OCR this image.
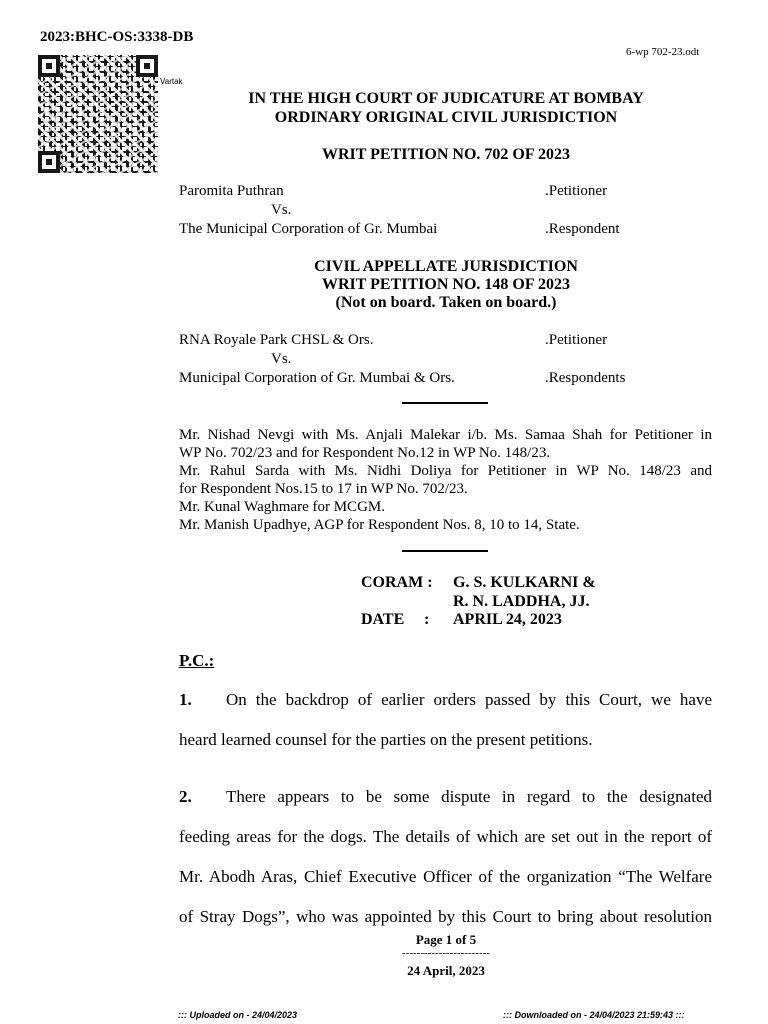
2023:BHC-OS:3338-DB
6-wp 702-23.odt
Vartak
IN THE HIGH COURT OF JUDICATURE AT BOMBAY
ORDINARY ORIGINAL CIVIL JURISDICTION
WRIT PETITION NO. 702 OF 2023
Paromita Puthran	.Petitioner
Vs.
The Municipal Corporation of Gr. Mumbai	.Respondent
CIVIL APPELLATE JURISDICTION
WRIT PETITION NO. 148 OF 2023
(Not on board. Taken on board.)
RNA Royale Park CHSL & Ors.	.Petitioner
Vs.
Municipal Corporation of Gr. Mumbai & Ors.	.Respondents
Mr. Nishad Nevgi with Ms. Anjali Malekar i/b. Ms. Samaa Shah for Petitioner in
WP No. 702/23 and for Respondent No.12 in WP No. 148/23.
Mr. Rahul Sarda with Ms. Nidhi Doliya for Petitioner in WP No. 148/23 and
for Respondent Nos.15 to 17 in WP No. 702/23.
Mr. Kunal Waghmare for MCGM.
Mr. Manish Upadhye, AGP for Respondent Nos. 8, 10 to 14, State.
CORAM : G. S. KULKARNI &
R. N. LADDHA, JJ.
DATE : APRIL 24, 2023
P.C.:
1. On the backdrop of earlier orders passed by this Court, we have
heard learned counsel for the parties on the present petitions.
2. There appears to be some dispute in regard to the designated
feeding areas for the dogs. The details of which are set out in the report of
Mr. Abodh Aras, Chief Executive Officer of the organization “The Welfare
of Stray Dogs”, who was appointed by this Court to bring about resolution
Page 1 of 5
------------------------
24 April, 2023
::: Uploaded on - 24/04/2023	::: Downloaded on - 24/04/2023 21:59:43 :::
